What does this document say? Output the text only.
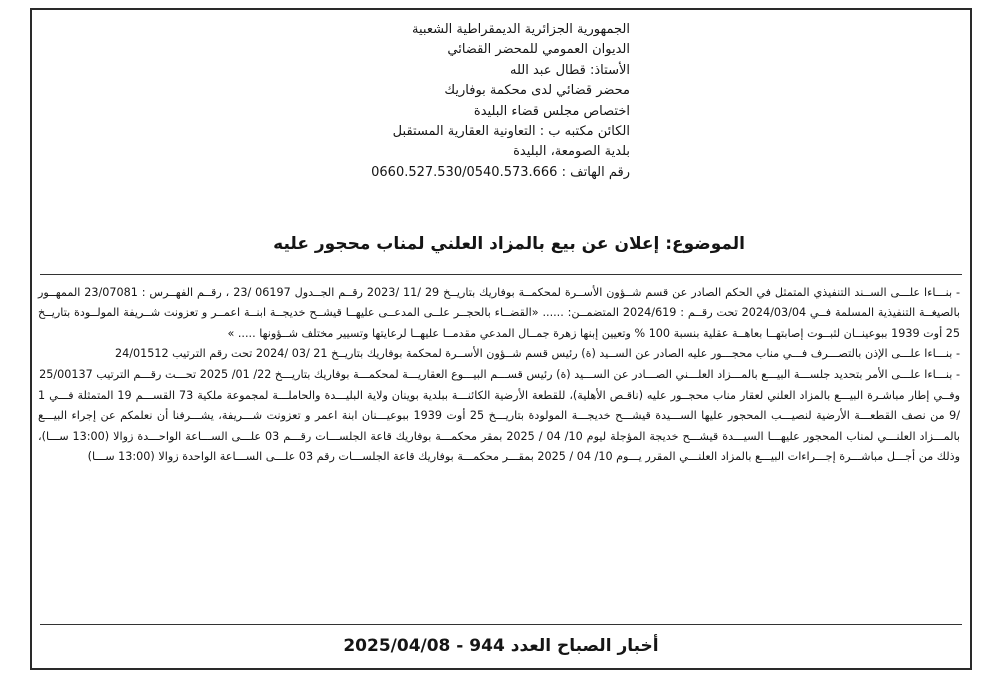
الجمهورية الجزائرية الديمقراطية الشعبية
الديوان العمومي للمحضر القضائي
الأستاذ: قطال عبد الله
محضر قضائي لدى محكمة بوفاريك
اختصاص مجلس قضاء البليدة
الكائن مكتبه ب : التعاونية العقارية المستقبل
بلدية الصومعة، البليدة
رقم الهاتف : 0660.527.530/0540.573.666
الموضوع: إعلان عن بيع بالمزاد العلني لمناب محجور عليه

- بنـــاءا علـــى الســند التنفيذي المتمثل في الحكم الصادر عن قسم شــؤون الأســرة لمحكمــة بوفاريك بتاريــخ 29 /11 /2023 رقــم الجــدول 06197 /23 ، رقــم الفهــرس : 23/07081 الممهــور بالصيغــة التنفيذية المسلمة فــي 2024/03/04 تحت رقــم : 2024/619 المتضمــن: ...... «القضــاء بالحجــر علــى المدعــى عليهــا قيشــح خديجــة ابنــة اعمــر و تعزونت شــريفة المولــودة بتاريــخ 25 أوت 1939 ببوعينــان لثبــوت إصابتهــا بعاهــة عقلية بنسبة 100 % وتعيين إبنها زهرة جمــال المدعي مقدمــا عليهــا لرعايتها وتسيير مختلف شــؤونها ..... »

- بنـــاءا علـــى الإذن بالتصـــرف فـــي مناب محجـــور عليه الصادر عن الســيد (ة) رئيس قسم شــؤون الأســرة لمحكمة بوفاريك بتاريــخ 21 /03 /2024 تحت رقم الترتيب 24/01512

- بنـــاءا علـــى الأمر بتحديد جلســـة البيـــع بالمـــزاد العلـــني الصـــادر عن الســـيد (ة) رئيس قســـم البيـــوع العقاريـــة لمحكمـــة بوفاريك بتاريـــخ 22/ 01/ 2025 تحـــت رقـــم الترتيب 25/00137

وفــي إطار مباشـرة البيـــع بالمزاد العلني لعقار مناب محجــور عليه (ناقـص الأهلية)، للقطعة الأرضية الكائنـــة ببلدية بوينان ولاية البليـــدة والحاملـــة لمجموعة ملكية 73 القســـم 19 المتمثلة فـــي 1 /9 من نصف القطعـــة الأرضية لنصيـــب المحجور عليها الســـيدة قيشـــح خديجـــة المولودة بتاريـــخ 25 أوت 1939 ببوعيـــنان ابنة اعمر و تعزونت شـــريفة، يشـــرفنا أن نعلمكم عن إجراء البيـــع بالمـــزاد العلنـــي لمناب المحجور عليهـــا السيـــدة قيشـــح خديجة المؤجلة ليوم 10/ 04 / 2025 بمقر محكمـــة بوفاريك قاعة الجلســـات رقـــم 03 علـــى الســـاعة الواحـــدة زوالا (13:00 ســـا)، وذلك من أجـــل مباشـــرة إجـــراءات البيـــع بالمزاد العلنـــي المقرر يـــوم 10/ 04 / 2025 بمقـــر محكمـــة بوفاريك قاعة الجلســـات رقم 03 علـــى الســـاعة الواحدة زوالا (13:00 ســـا)

أخبار الصباح العدد 944 - 2025/04/08
